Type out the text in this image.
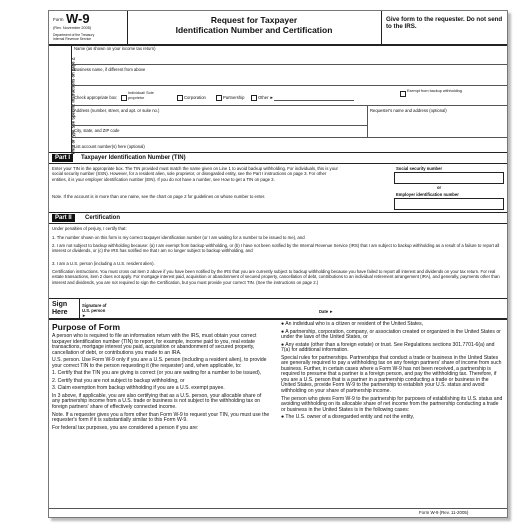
Form W-9
(Rev. November 2005)
Department of the Treasury
Internal Revenue Service
Request for Taxpayer
Identification Number and Certification
Give form to the requester. Do not send to the IRS.
Print or type See Specific Instructions on page 2.
Name (as shown on your income tax return)
Business name, if different from above
Check appropriate box:
Individual/ Sole proprietor	Corporation	Partnership	Other ►
Exempt from backup withholding
Address (number, street, and apt. or suite no.)	Requester's name and address (optional)
City, state, and ZIP code
List account number(s) here (optional)
Part I	Taxpayer Identification Number (TIN)
Enter your TIN in the appropriate box. The TIN provided must match the name given on Line 1 to avoid backup withholding. For individuals, this is your social security number (SSN). However, for a resident alien, sole proprietor, or disregarded entity, see the Part I instructions on page 3. For other entities, it is your employer identification number (EIN). If you do not have a number, see How to get a TIN on page 3.
Note. If the account is in more than one name, see the chart on page 2 for guidelines on whose number to enter.
Social security number
or
Employer identification number
Part II	Certification
Under penalties of perjury, I certify that:
1. The number shown on this form is my correct taxpayer identification number (or I am waiting for a number to be issued to me), and
2. I am not subject to backup withholding because: (a) I am exempt from backup withholding, or (b) I have not been notified by the Internal Revenue Service (IRS) that I am subject to backup withholding as a result of a failure to report all interest or dividends, or (c) the IRS has notified me that I am no longer subject to backup withholding, and
3. I am a U.S. person (including a U.S. resident alien).
Certification instructions. You must cross out item 2 above if you have been notified by the IRS that you are currently subject to backup withholding because you have failed to report all interest and dividends on your tax return. For real estate transactions, item 2 does not apply. For mortgage interest paid, acquisition or abandonment of secured property, cancellation of debt, contributions to an individual retirement arrangement (IRA), and generally, payments other than interest and dividends, you are not required to sign the Certification, but you must provide your correct TIN. (See the instructions on page 2.)
Sign Here
Signature of U.S. person ►
Date ►
Purpose of Form

A person who is required to file an information return with the IRS, must obtain your correct taxpayer identification number (TIN) to report, for example, income paid to you, real estate transactions, mortgage interest you paid, acquisition or abandonment of secured property, cancellation of debt, or contributions you made to an IRA.

U.S. person. Use Form W-9 only if you are a U.S. person (including a resident alien), to provide your correct TIN to the person requesting it (the requester) and, when applicable, to:

1. Certify that the TIN you are giving is correct (or you are waiting for a number to be issued),

2. Certify that you are not subject to backup withholding, or

3. Claim exemption from backup withholding if you are a U.S. exempt payee.

In 3 above, if applicable, you are also certifying that as a U.S. person, your allocable share of any partnership income from a U.S. trade or business is not subject to the withholding tax on foreign partners' share of effectively connected income.

Note. If a requester gives you a form other than Form W-9 to request your TIN, you must use the requester's form if it is substantially similar to this Form W-9.

For federal tax purposes, you are considered a person if you are:

● An individual who is a citizen or resident of the United States,

● A partnership, corporation, company, or association created or organized in the United States or under the laws of the United States, or

● Any estate (other than a foreign estate) or trust. See Regulations sections 301.7701-6(a) and 7(a) for additional information.

Special rules for partnerships. Partnerships that conduct a trade or business in the United States are generally required to pay a withholding tax on any foreign partners' share of income from such business. Further, in certain cases where a Form W-9 has not been received, a partnership is required to presume that a partner is a foreign person, and pay the withholding tax. Therefore, if you are a U.S. person that is a partner in a partnership conducting a trade or business in the United States, provide Form W-9 to the partnership to establish your U.S. status and avoid withholding on your share of partnership income.

The person who gives Form W-9 to the partnership for purposes of establishing its U.S. status and avoiding withholding on its allocable share of net income from the partnership conducting a trade or business in the United States is in the following cases:

● The U.S. owner of a disregarded entity and not the entity,

Form W-9 (Rev. 11-2005)
